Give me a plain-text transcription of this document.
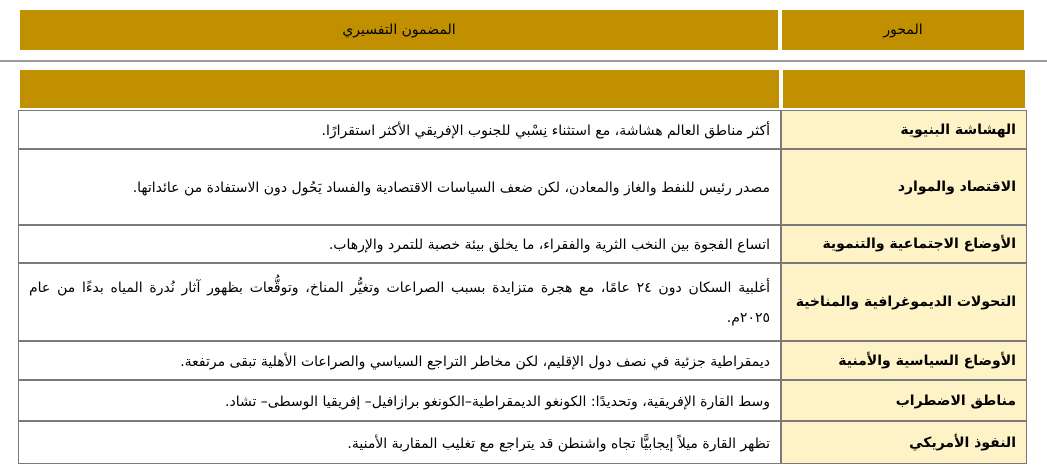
المحور	المضمون التفسيري

الهشاشة البنيوية	أكثر مناطق العالم هشاشة، مع استثناء نِسْبي للجنوب الإفريقي الأكثر استقرارًا.
الاقتصاد والموارد	مصدر رئيس للنفط والغاز والمعادن، لكن ضعف السياسات الاقتصادية والفساد يَحُول دون الاستفادة من عائداتها.
الأوضاع الاجتماعية والتنموية	اتساع الفجوة بين النخب الثرية والفقراء، ما يخلق بيئة خصبة للتمرد والإرهاب.
التحولات الديموغرافية والمناخية	أغلبية السكان دون ٢٤ عامًا، مع هجرة متزايدة بسبب الصراعات وتغيُّر المناخ، وتوقُّعات بظهور آثار نُدرة المياه بدءًا من عام ٢٠٢٥م.
الأوضاع السياسية والأمنية	ديمقراطية جزئية في نصف دول الإقليم، لكن مخاطر التراجع السياسي والصراعات الأهلية تبقى مرتفعة.
مناطق الاضطراب	وسط القارة الإفريقية، وتحديدًا: الكونغو الديمقراطية–الكونغو برازافيل– إفريقيا الوسطى– تشاد.
النفوذ الأمريكي	تظهر القارة ميلاً إيجابيًّا تجاه واشنطن قد يتراجع مع تغليب المقاربة الأمنية.
